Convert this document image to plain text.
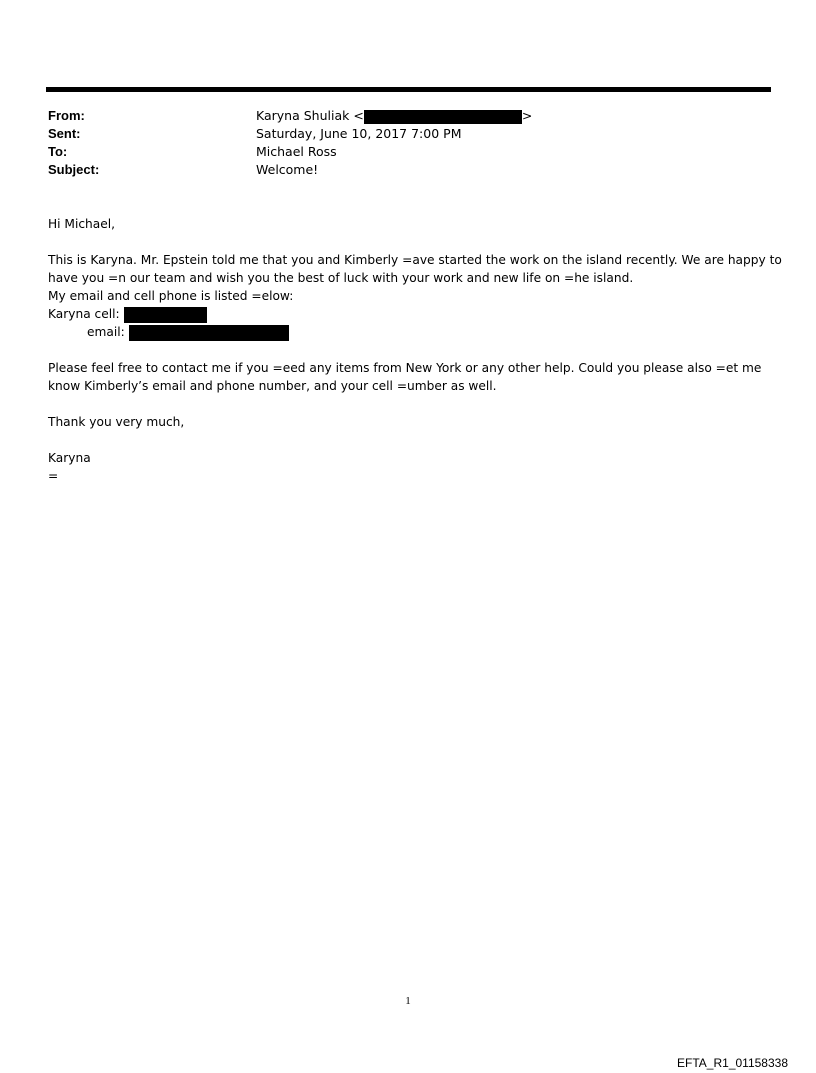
From:	Karyna Shuliak <	>
Sent:	Saturday, June 10, 2017 7:00 PM
To:	Michael Ross
Subject:	Welcome!
Hi Michael,
This is Karyna. Mr. Epstein told me that you and Kimberly =ave started the work on the island recently. We are happy to
have you =n our team and wish you the best of luck with your work and new life on =he island.
My email and cell phone is listed =elow:
Karyna cell:
email:
Please feel free to contact me if you =eed any items from New York or any other help. Could you please also =et me
know Kimberly’s email and phone number, and your cell =umber as well.
Thank you very much,
Karyna
=
1
EFTA_R1_01158338
